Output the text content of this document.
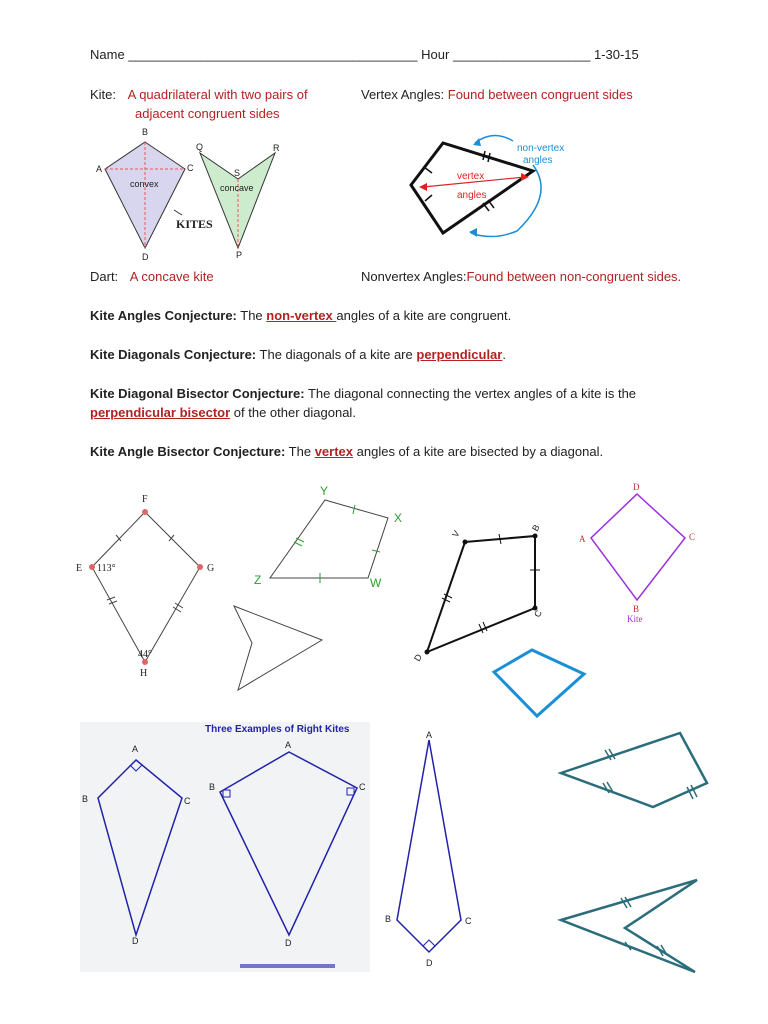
Name ________________________________________ Hour ___________________ 1-30-15
Kite: A quadrilateral with two pairs of
adjacent congruent sides
Vertex Angles: Found between congruent sides
B
A	C
D
Q
S
R
P
convex	concave
KITES
vertex
angles
non-vertex
angles
Dart: A concave kite	Nonvertex Angles:Found between non-congruent sides.
Kite Angles Conjecture: The non-vertex angles of a kite are congruent.
Kite Diagonals Conjecture: The diagonals of a kite are perpendicular.
Kite Diagonal Bisector Conjecture: The diagonal connecting the vertex angles of a kite is the
perpendicular bisector of the other diagonal.
Kite Angle Bisector Conjecture: The vertex angles of a kite are bisected by a diagonal.
F
E	G
H
113°
44°
Y
X
W
Z
V
B
C
D
D
A	C
B
Kite
Three Examples of Right Kites
A
B	C
D
A
B	C
D
A
B	C
D
